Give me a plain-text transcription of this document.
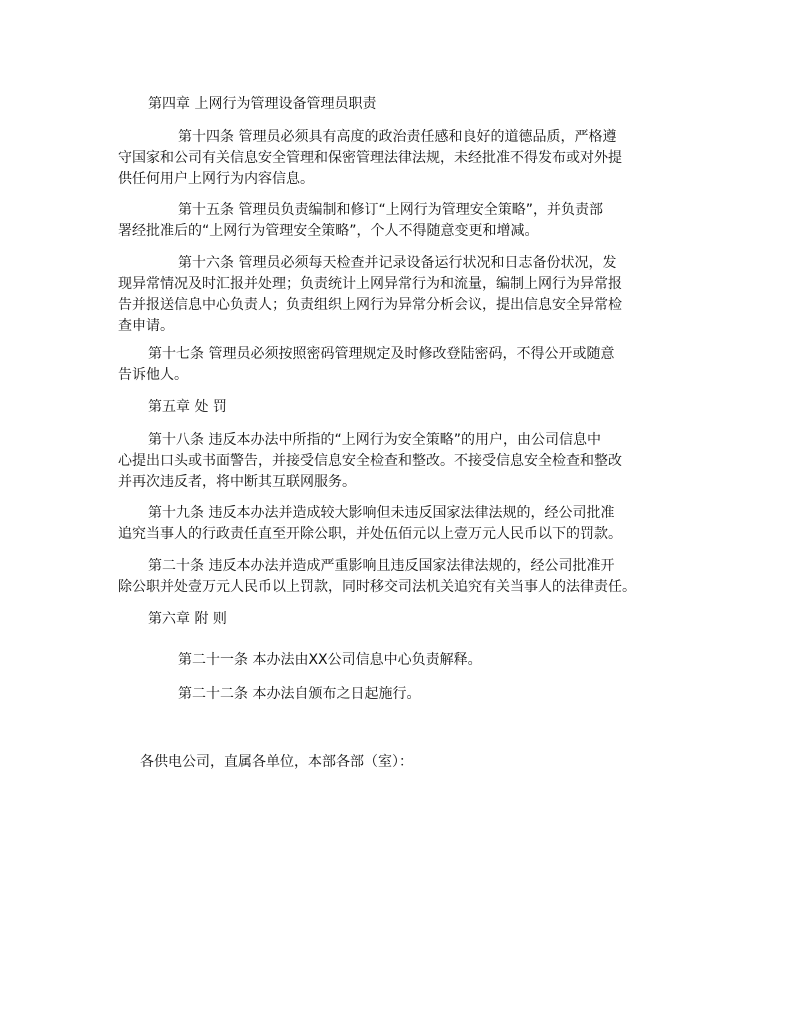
第四章 上网行为管理设备管理员职责

第十四条 管理员必须具有高度的政治责任感和良好的道德品质，严格遵
守国家和公司有关信息安全管理和保密管理法律法规，未经批准不得发布或对外提
供任何用户上网行为内容信息。
第十五条 管理员负责编制和修订“上网行为管理安全策略”，并负责部
署经批准后的“上网行为管理安全策略”，个人不得随意变更和增减。
第十六条 管理员必须每天检查并记录设备运行状况和日志备份状况，发
现异常情况及时汇报并处理；负责统计上网异常行为和流量，编制上网行为异常报
告并报送信息中心负责人；负责组织上网行为异常分析会议，提出信息安全异常检
查申请。
第十七条 管理员必须按照密码管理规定及时修改登陆密码，不得公开或随意
告诉他人。

第五章 处 罚

第十八条 违反本办法中所指的“上网行为安全策略”的用户，由公司信息中
心提出口头或书面警告，并接受信息安全检查和整改。不接受信息安全检查和整改
并再次违反者，将中断其互联网服务。
第十九条 违反本办法并造成较大影响但未违反国家法律法规的，经公司批准
追究当事人的行政责任直至开除公职，并处伍佰元以上壹万元人民币以下的罚款。
第二十条 违反本办法并造成严重影响且违反国家法律法规的，经公司批准开
除公职并处壹万元人民币以上罚款，同时移交司法机关追究有关当事人的法律责任。

第六章 附 则

第二十一条 本办法由XX公司信息中心负责解释。

第二十二条 本办法自颁布之日起施行。

各供电公司，直属各单位，本部各部（室）：
